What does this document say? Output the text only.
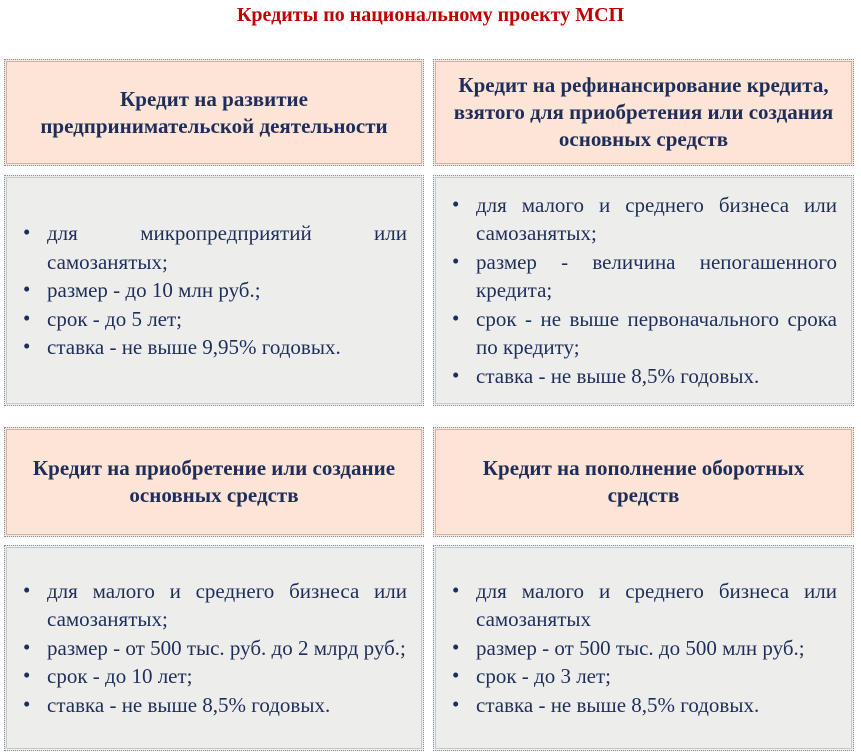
Кредиты по национальному проекту МСП
Кредит на развитие предпринимательской деятельности
• для микропредприятий или самозанятых;
• размер - до 10 млн руб.;
• срок - до 5 лет;
• ставка - не выше 9,95% годовых.
Кредит на рефинансирование кредита, взятого для приобретения или создания основных средств
• для малого и среднего бизнеса или самозанятых;
• размер - величина непогашенного кредита;
• срок - не выше первоначального срока по кредиту;
• ставка - не выше 8,5% годовых.
Кредит на приобретение или создание основных средств
• для малого и среднего бизнеса или самозанятых;
• размер - от 500 тыс. руб. до 2 млрд руб.;
• срок - до 10 лет;
• ставка - не выше 8,5% годовых.
Кредит на пополнение оборотных средств
• для малого и среднего бизнеса или самозанятых
• размер - от 500 тыс. до 500 млн руб.;
• срок - до 3 лет;
• ставка - не выше 8,5% годовых.
